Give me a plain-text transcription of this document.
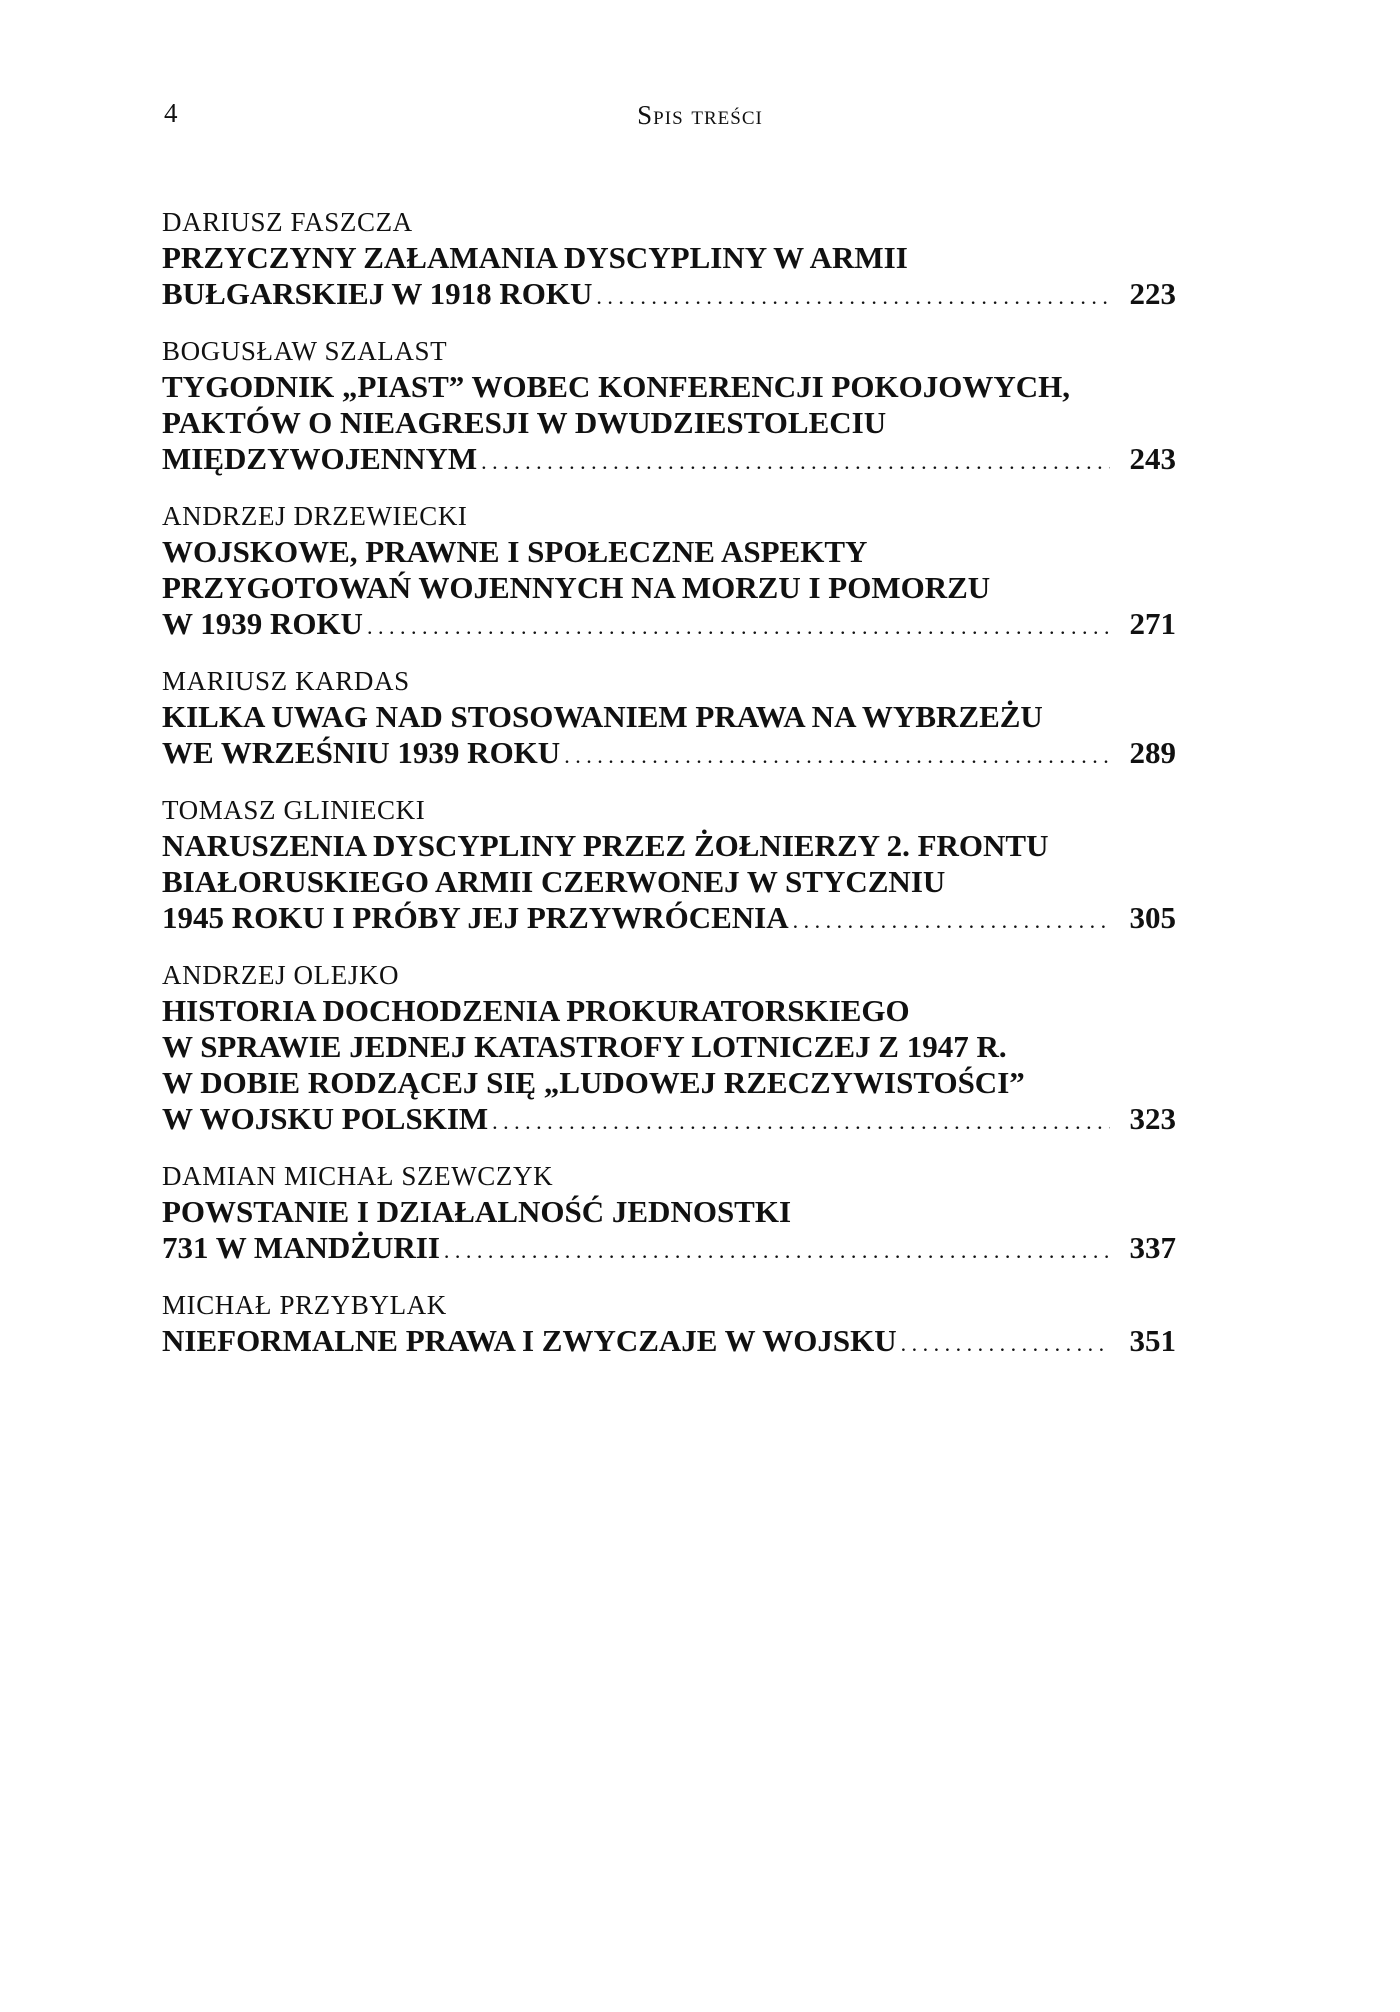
4	Spis treści
DARIUSZ FASZCZA
PRZYCZYNY ZAŁAMANIA DYSCYPLINY W ARMII
BUŁGARSKIEJ W 1918 ROKU . . .	223
BOGUSŁAW SZALAST
TYGODNIK „PIAST” WOBEC KONFERENCJI POKOJOWYCH,
PAKTÓW O NIEAGRESJI W DWUDZIESTOLECIU
MIĘDZYWOJENNYM . . .	243
ANDRZEJ DRZEWIECKI
WOJSKOWE, PRAWNE I SPOŁECZNE ASPEKTY
PRZYGOTOWAŃ WOJENNYCH NA MORZU I POMORZU
W 1939 ROKU . . .	271
MARIUSZ KARDAS
KILKA UWAG NAD STOSOWANIEM PRAWA NA WYBRZEŻU
WE WRZEŚNIU 1939 ROKU . . .	289
TOMASZ GLINIECKI
NARUSZENIA DYSCYPLINY PRZEZ ŻOŁNIERZY 2. FRONTU
BIAŁORUSKIEGO ARMII CZERWONEJ W STYCZNIU
1945 ROKU I PRÓBY JEJ PRZYWRÓCENIA . . .	305
ANDRZEJ OLEJKO
HISTORIA DOCHODZENIA PROKURATORSKIEGO
W SPRAWIE JEDNEJ KATASTROFY LOTNICZEJ Z 1947 R.
W DOBIE RODZĄCEJ SIĘ „LUDOWEJ RZECZYWISTOŚCI”
W WOJSKU POLSKIM . . .	323
DAMIAN MICHAŁ SZEWCZYK
POWSTANIE I DZIAŁALNOŚĆ JEDNOSTKI
731 W MANDŻURII . . .	337
MICHAŁ PRZYBYLAK
NIEFORMALNE PRAWA I ZWYCZAJE W WOJSKU . . .	351
